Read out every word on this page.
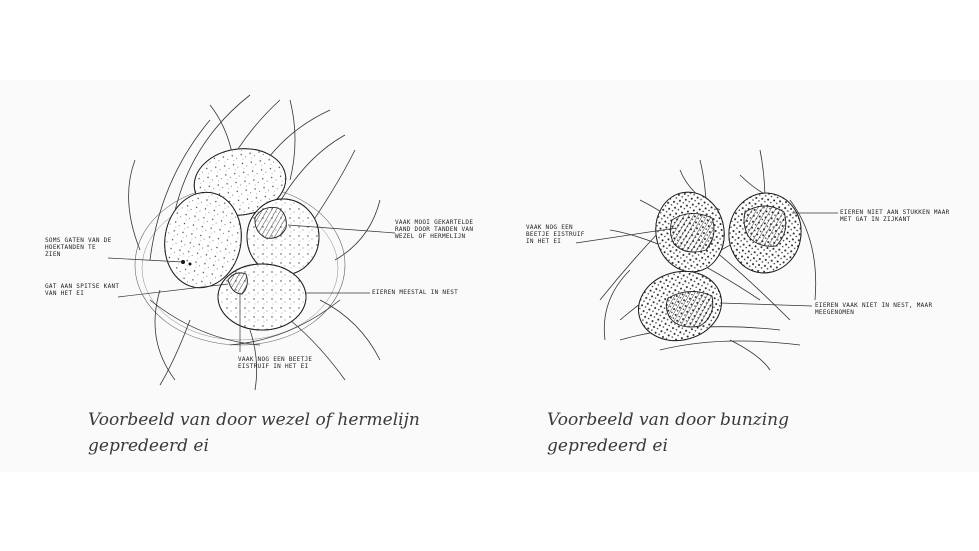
SOMS GATEN VAN DE HOEKTANDEN TE ZIEN
GAT AAN SPITSE KANT VAN HET EI
VAAK MOOI GEKARTELDE RAND DOOR TANDEN VAN WEZEL OF HERMELIJN
EIEREN MEESTAL IN NEST
VAAK NOG EEN BEETJE EISTRUIF IN HET EI
VAAK NOG EEN BEETJE EISTRUIF IN HET EI
EIEREN NIET AAN STUKKEN MAAR MET GAT IN ZIJKANT
EIEREN VAAK NIET IN NEST, MAAR MEEGENOMEN
Voorbeeld van door wezel of hermelijn
gepredeerd ei
Voorbeeld van door bunzing
gepredeerd ei
